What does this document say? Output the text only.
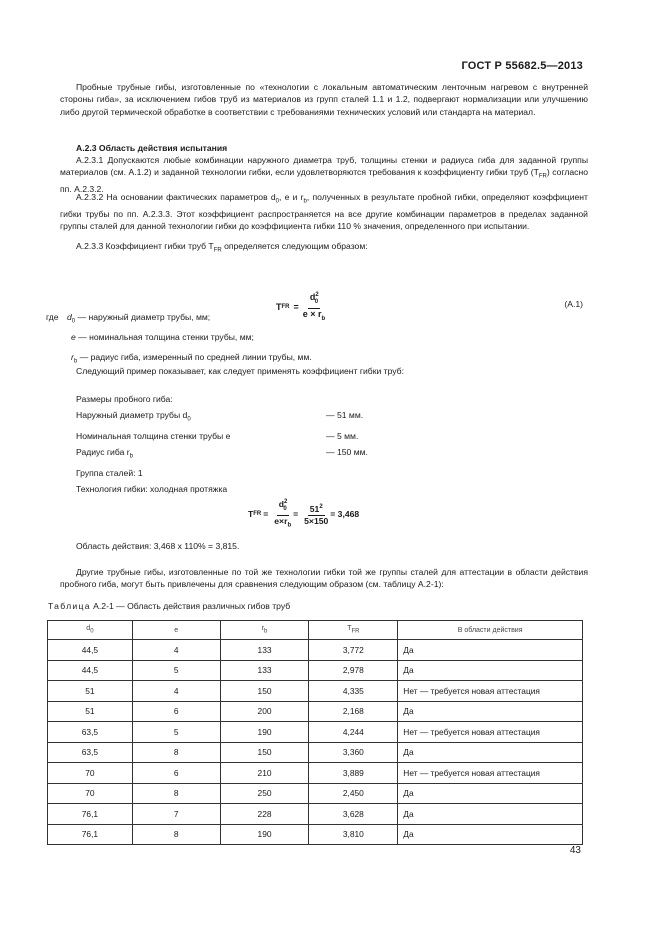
ГОСТ Р 55682.5—2013

Пробные трубные гибы, изготовленные по «технологии с локальным автоматическим ленточным нагревом с внутренней стороны гиба», за исключением гибов труб из материалов из групп сталей 1.1 и 1.2, подвергают нормализации или улучшению либо другой термической обработке в соответствии с требованиями технических условий или стандарта на материал.

А.2.3 Область действия испытания

А.2.3.1 Допускаются любые комбинации наружного диаметра труб, толщины стенки и радиуса гиба для заданной группы материалов (см. А.1.2) и заданной технологии гибки, если удовлетворяются требования к коэффициенту гибки труб $(Т_{FR})$ согласно пп. А.2.3.2.

А.2.3.2 На основании фактических параметров $d_0$, e и $r_b$, полученных в результате пробной гибки, определяют коэффициент гибки трубы по пп. А.2.3.3. Этот коэффициент распространяется на все другие комбинации параметров в пределах заданной группы сталей для данной технологии гибки до коэффициента гибки 110 % значения, определенного при испытании.

А.2.3.3 Коэффициент гибки труб $Т_{FR}$ определяется следующим образом:

T FR = $\frac{d^2_0}{e \times r_b}$	(А.1)
где $d_0$ — наружный диаметр трубы, мм;
e — номинальная толщина стенки трубы, мм;
$r_b$ — радиус гиба, измеренный по средней линии трубы, мм.
Следующий пример показывает, как следует применять коэффициент гибки труб:
Размеры пробного гиба:
Наружный диаметр трубы $d_0$	— 51 мм.
Номинальная толщина стенки трубы e	— 5 мм.
Радиус гиба $r_b$	— 150 мм.
Группа сталей: 1
Технология гибки: холодная протяжка
T FR = $\frac{d^2_0}{e\times r_b} = \frac{51^2}{5\times 150} = 3,468$
Область действия: 3,468 x 110% = 3,815.

Другие трубные гибы, изготовленные по той же технологии гибки той же группы сталей для аттестации в области действия пробного гиба, могут быть привлечены для сравнения следующим образом (см. таблицу А.2-1):

Таблица А.2-1 — Область действия различных гибов труб
$d_0$	e	$r_b$	$T_{FR}$	В области действия
44,5	4	133	3,772	Да
44,5	5	133	2,978	Да
51	4	150	4,335	Нет — требуется новая аттестация
51	6	200	2,168	Да
63,5	5	190	4,244	Нет — требуется новая аттестация
63,5	8	150	3,360	Да
70	6	210	3,889	Нет — требуется новая аттестация
70	8	250	2,450	Да
76,1	7	228	3,628	Да
76,1	8	190	3,810	Да
43
